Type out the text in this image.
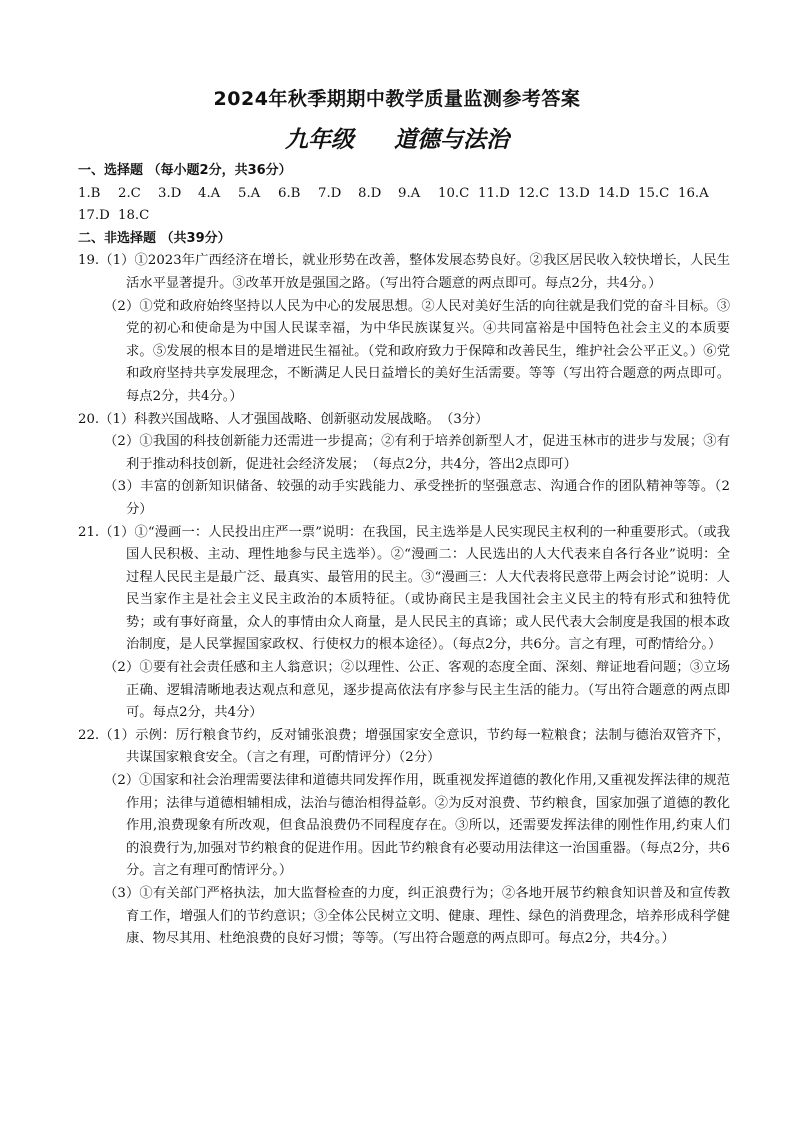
2024年秋季期期中教学质量监测参考答案
九年级 道德与法治
一、选择题 （每小题2分，共36分）
1.B	2.C	3.D	4.A	5.A	6.B	7.D	8.D	9.A	10.C 11.D 12.C 13.D 14.D 15.C 16.A
17.D 18.C
二、非选择题 （共39分）

19.（1）①2023年广西经济在增长，就业形势在改善，整体发展态势良好。②我区居民收入较快增长，人民生活水平显著提升。③改革开放是强国之路。（写出符合题意的两点即可。每点2分，共4分。）

（2）①党和政府始终坚持以人民为中心的发展思想。②人民对美好生活的向往就是我们党的奋斗目标。③党的初心和使命是为中国人民谋幸福，为中华民族谋复兴。④共同富裕是中国特色社会主义的本质要求。⑤发展的根本目的是增进民生福祉。（党和政府致力于保障和改善民生，维护社会公平正义。）⑥党和政府坚持共享发展理念，不断满足人民日益增长的美好生活需要。等等（写出符合题意的两点即可。每点2分，共4分。）

20.（1）科教兴国战略、人才强国战略、创新驱动发展战略。　（3分）

（2）①我国的科技创新能力还需进一步提高；②有利于培养创新型人才，促进玉林市的进步与发展；③有利于推动科技创新，促进社会经济发展；　（每点2分，共4分，答出2点即可）

（3）丰富的创新知识储备、较强的动手实践能力、承受挫折的坚强意志、沟通合作的团队精神等等。（2分）

21.（1）①“漫画一：人民投出庄严一票”说明：在我国，民主选举是人民实现民主权利的一种重要形式。（或我国人民积极、主动、理性地参与民主选举）。②“漫画二：人民选出的人大代表来自各行各业”说明：全过程人民民主是最广泛、最真实、最管用的民主。③“漫画三：人大代表将民意带上两会讨论”说明：人民当家作主是社会主义民主政治的本质特征。（或协商民主是我国社会主义民主的特有形式和独特优势；或有事好商量，众人的事情由众人商量，是人民民主的真谛；或人民代表大会制度是我国的根本政治制度，是人民掌握国家政权、行使权力的根本途径）。（每点2分，共6分。言之有理，可酌情给分。）

（2）①要有社会责任感和主人翁意识；②以理性、公正、客观的态度全面、深刻、辩证地看问题；③立场正确、逻辑清晰地表达观点和意见，逐步提高依法有序参与民主生活的能力。（写出符合题意的两点即可。每点2分，共4分）

22.（1）示例：厉行粮食节约，反对铺张浪费；增强国家安全意识，节约每一粒粮食；法制与德治双管齐下，共谋国家粮食安全。（言之有理，可酌情评分）（2分）

（2）①国家和社会治理需要法律和道德共同发挥作用，既重视发挥道德的教化作用,又重视发挥法律的规范作用；法律与道德相辅相成，法治与德治相得益彰。②为反对浪费、节约粮食，国家加强了道德的教化作用,浪费现象有所改观，但食品浪费仍不同程度存在。③所以，还需要发挥法律的刚性作用,约束人们的浪费行为,加强对节约粮食的促进作用。因此节约粮食有必要动用法律这一治国重器。（每点2分，共6分。言之有理可酌情评分。）

（3）①有关部门严格执法，加大监督检查的力度，纠正浪费行为；②各地开展节约粮食知识普及和宣传教育工作，增强人们的节约意识；③全体公民树立文明、健康、理性、绿色的消费理念，培养形成科学健康、物尽其用、杜绝浪费的良好习惯；等等。（写出符合题意的两点即可。每点2分，共4分。）
